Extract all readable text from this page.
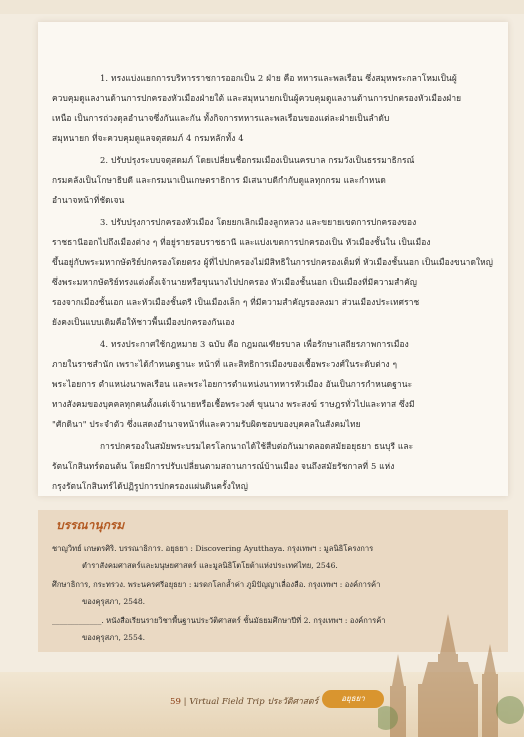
1. ทรงแบ่งแยกการบริหารราชการออกเป็น 2 ฝ่าย คือ ทหารและพลเรือน ซึ่งสมุหพระกลาโหมเป็นผู้
ควบคุมดูแลงานด้านการปกครองหัวเมืองฝ่ายใต้ และสมุหนายกเป็นผู้ควบคุมดูแลงานด้านการปกครองหัวเมืองฝ่าย
เหนือ เป็นการถ่วงดุลอำนาจซึ่งกันและกัน ทั้งกิจการทหารและพลเรือนของแต่ละฝ่ายเป็นลำดับ
สมุหนายก ที่จะควบคุมดูแลจตุสดมภ์ 4 กรมหลักทั้ง 4
2. ปรับปรุงระบบจตุสดมภ์ โดยเปลี่ยนชื่อกรมเมืองเป็นนครบาล กรมวังเป็นธรรมาธิกรณ์
กรมคลังเป็นโกษาธิบดี และกรมนาเป็นเกษตราธิการ มีเสนาบดีกำกับดูแลทุกกรม และกำหนด
อำนาจหน้าที่ชัดเจน
3. ปรับปรุงการปกครองหัวเมือง โดยยกเลิกเมืองลูกหลวง และขยายเขตการปกครองของ
ราชธานีออกไปถึงเมืองต่าง ๆ ที่อยู่รายรอบราชธานี และแบ่งเขตการปกครองเป็น หัวเมืองชั้นใน เป็นเมือง
ขึ้นอยู่กับพระมหากษัตริย์ปกครองโดยตรง ผู้ที่ไปปกครองไม่มีสิทธิในการปกครองเต็มที่ หัวเมืองชั้นนอก เป็นเมืองขนาดใหญ่
ซึ่งพระมหากษัตริย์ทรงแต่งตั้งเจ้านายหรือขุนนางไปปกครอง หัวเมืองชั้นนอก เป็นเมืองที่มีความสำคัญ
รองจากเมืองชั้นเอก และหัวเมืองชั้นตรี เป็นเมืองเล็ก ๆ ที่มีความสำคัญรองลงมา ส่วนเมืองประเทศราช
ยังคงเป็นแบบเดิมคือให้ชาวพื้นเมืองปกครองกันเอง
4. ทรงประกาศใช้กฎหมาย 3 ฉบับ คือ กฎมณเฑียรบาล เพื่อรักษาเสถียรภาพการเมือง
ภายในราชสำนัก เพราะได้กำหนดฐานะ หน้าที่ และสิทธิการเมืองของเชื้อพระวงศ์ในระดับต่าง ๆ
พระไอยการ ตำแหน่งนาพลเรือน และพระไอยการตำแหน่งนาทหารหัวเมือง อันเป็นการกำหนดฐานะ
ทางสังคมของบุคคลทุกคนตั้งแต่เจ้านายหรือเชื้อพระวงศ์ ขุนนาง พระสงฆ์ ราษฎรทั่วไปและทาส ซึ่งมี
"ศักดินา" ประจำตัว ซึ่งแสดงอำนาจหน้าที่และความรับผิดชอบของบุคคลในสังคมไทย
การปกครองในสมัยพระบรมไตรโลกนาถได้ใช้สืบต่อกันมาตลอดสมัยอยุธยา ธนบุรี และ
รัตนโกสินทร์ตอนต้น โดยมีการปรับเปลี่ยนตามสถานการณ์บ้านเมือง จนถึงสมัยรัชกาลที่ 5 แห่ง
กรุงรัตนโกสินทร์ได้ปฏิรูปการปกครองแผ่นดินครั้งใหญ่
บรรณานุกรม
ชาญวิทย์ เกษตรศิริ. บรรณาธิการ. อยุธยา : Discovering Ayutthaya. กรุงเทพฯ : มูลนิธิโครงการ
ตำราสังคมศาสตร์และมนุษยศาสตร์ และมูลนิธิโตโยต้าแห่งประเทศไทย, 2546.
ศึกษาธิการ, กระทรวง. พระนครศรีอยุธยา : มรดกโลกล้ำค่า ภูมิปัญญาเลื่องลือ. กรุงเทพฯ : องค์การค้า
ของคุรุสภา, 2548.
_____________. หนังสือเรียนรายวิชาพื้นฐานประวัติศาสตร์ ชั้นมัธยมศึกษาปีที่ 2. กรุงเทพฯ : องค์การค้า
ของคุรุสภา, 2554.
59 | Virtual Field Trip ประวัติศาสตร์	อยุธยา
